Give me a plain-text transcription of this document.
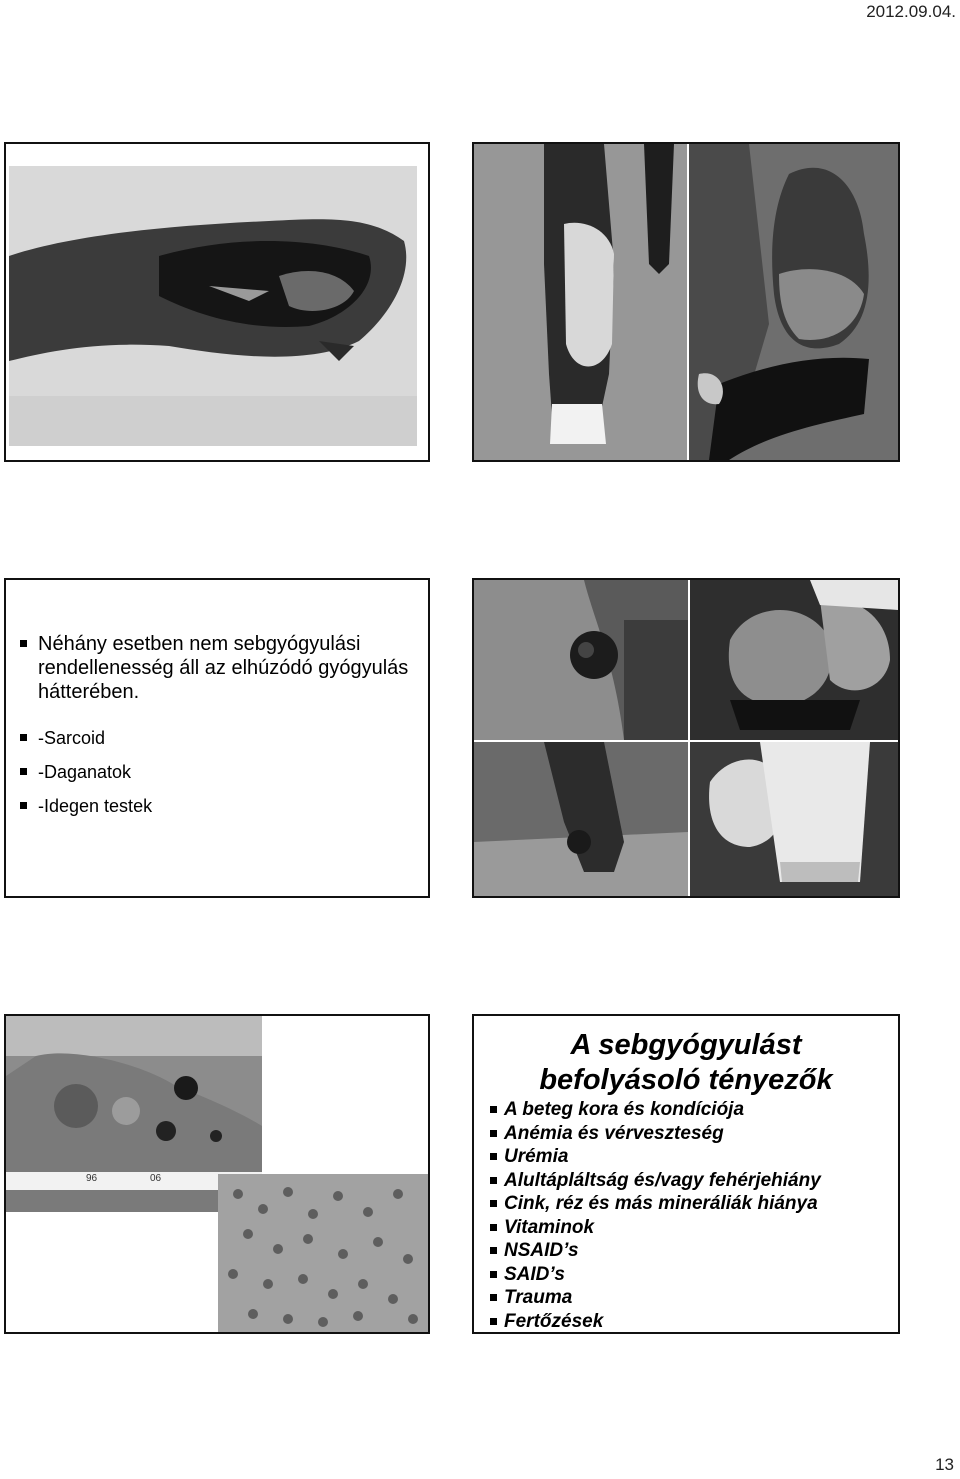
2012.09.04.
Néhány esetben nem sebgyógyulási rendellenesség áll az elhúzódó gyógyulás hátterében.
-Sarcoid
-Daganatok
-Idegen testek
96	06
A sebgyógyulást
befolyásoló tényezők
A beteg kora és kondíciója
Anémia és vérveszteség
Urémia
Alultápláltság és/vagy fehérjehiány
Cink, réz és más mineráliák hiánya
Vitaminok
NSAID’s
SAID’s
Trauma
Fertőzések
13
